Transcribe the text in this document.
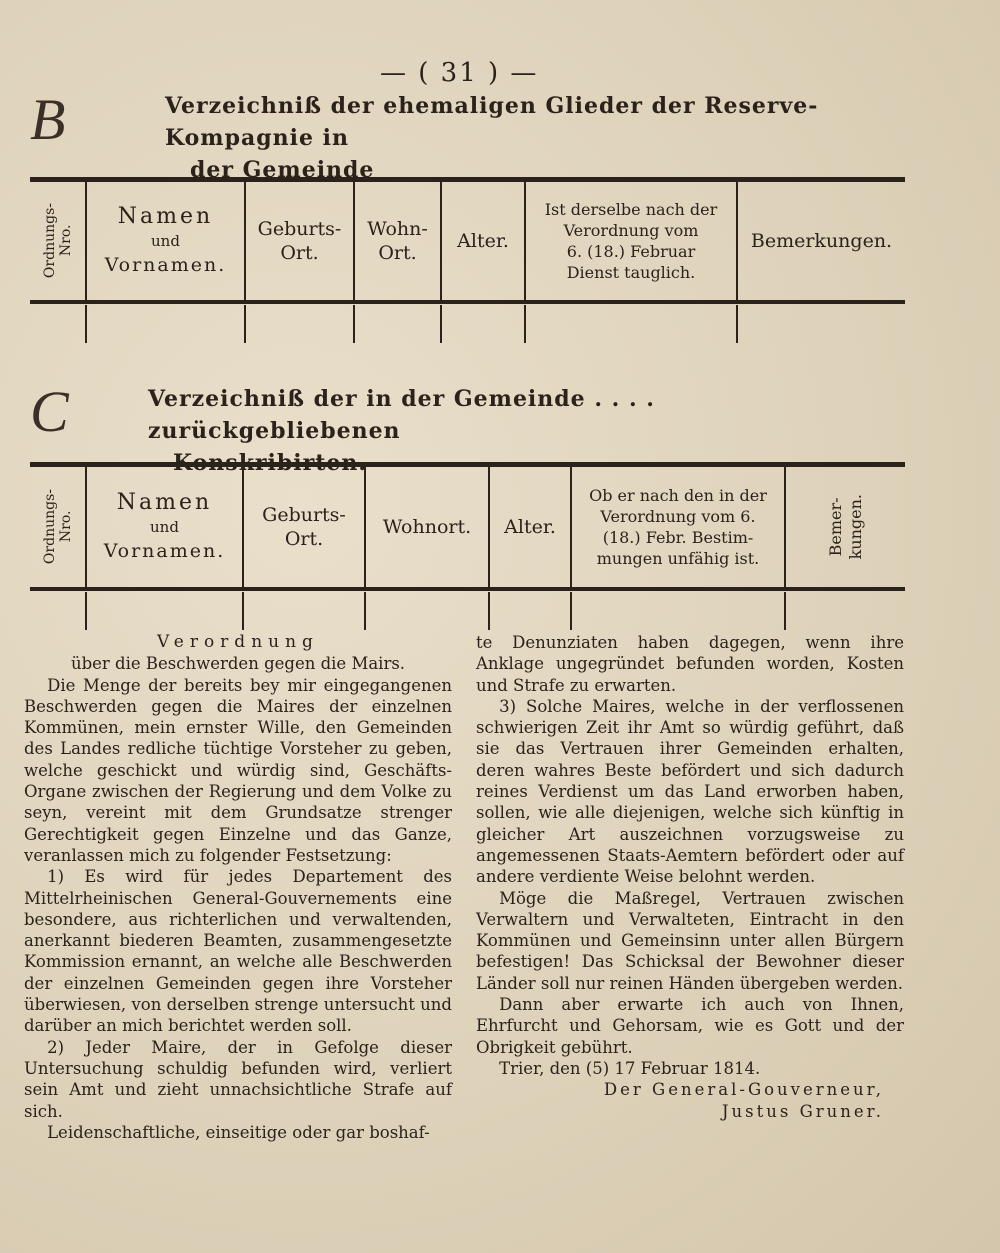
— ( 31 ) —
B	Verzeichniß der ehemaligen Glieder der Reserve-Kompagnie in
der Gemeinde
Ordnungs-
Nro.
Namen
und
Vornamen.
Geburts-
Ort.
Wohn-
Ort.
Alter.
Ist derselbe nach der
Verordnung vom
6. (18.) Februar
Dienst tauglich.
Bemerkungen.
C	Verzeichniß der in der Gemeinde . . . . zurückgebliebenen
Konskribirten.
Ordnungs-
Nro.
Namen
und
Vornamen.
Geburts-
Ort.
Wohnort. Alter.
Ob er nach den in der
Verordnung vom 6.
(18.) Febr. Bestim-
mungen unfähig ist.
Bemer-
kungen.

Verordnung

über die Beschwerden gegen die Mairs.

Die Menge der bereits bey mir eingegangenen Beschwerden gegen die Maires der einzelnen Kommünen, mein ernster Wille, den Gemeinden des Landes redliche tüchtige Vorsteher zu geben, welche geschickt und würdig sind, Geschäfts-Organe zwischen der Regierung und dem Volke zu seyn, vereint mit dem Grundsatze strenger Gerechtigkeit gegen Einzelne und das Ganze, veranlassen mich zu folgender Festsetzung:

1) Es wird für jedes Departement des Mittelrheinischen General-Gouvernements eine besondere, aus richterlichen und verwaltenden, anerkannt biederen Beamten, zusammengesetzte Kommission ernannt, an welche alle Beschwerden der einzelnen Gemeinden gegen ihre Vorsteher überwiesen, von derselben strenge untersucht und darüber an mich berichtet werden soll.

2) Jeder Maire, der in Gefolge dieser Untersuchung schuldig befunden wird, verliert sein Amt und zieht unnachsichtliche Strafe auf sich.

Leidenschaftliche, einseitige oder gar boshaf-

te Denunziaten haben dagegen, wenn ihre Anklage ungegründet befunden worden, Kosten und Strafe zu erwarten.

3) Solche Maires, welche in der verflossenen schwierigen Zeit ihr Amt so würdig geführt, daß sie das Vertrauen ihrer Gemeinden erhalten, deren wahres Beste befördert und sich dadurch reines Verdienst um das Land erworben haben, sollen, wie alle diejenigen, welche sich künftig in gleicher Art auszeichnen vorzugsweise zu angemessenen Staats-Aemtern befördert oder auf andere verdiente Weise belohnt werden.

Möge die Maßregel, Vertrauen zwischen Verwaltern und Verwalteten, Eintracht in den Kommünen und Gemeinsinn unter allen Bürgern befestigen! Das Schicksal der Bewohner dieser Länder soll nur reinen Händen übergeben werden.

Dann aber erwarte ich auch von Ihnen, Ehrfurcht und Gehorsam, wie es Gott und der Obrigkeit gebührt.

Trier, den (5) 17 Februar 1814.

Der General-Gouverneur,

Justus Gruner.
